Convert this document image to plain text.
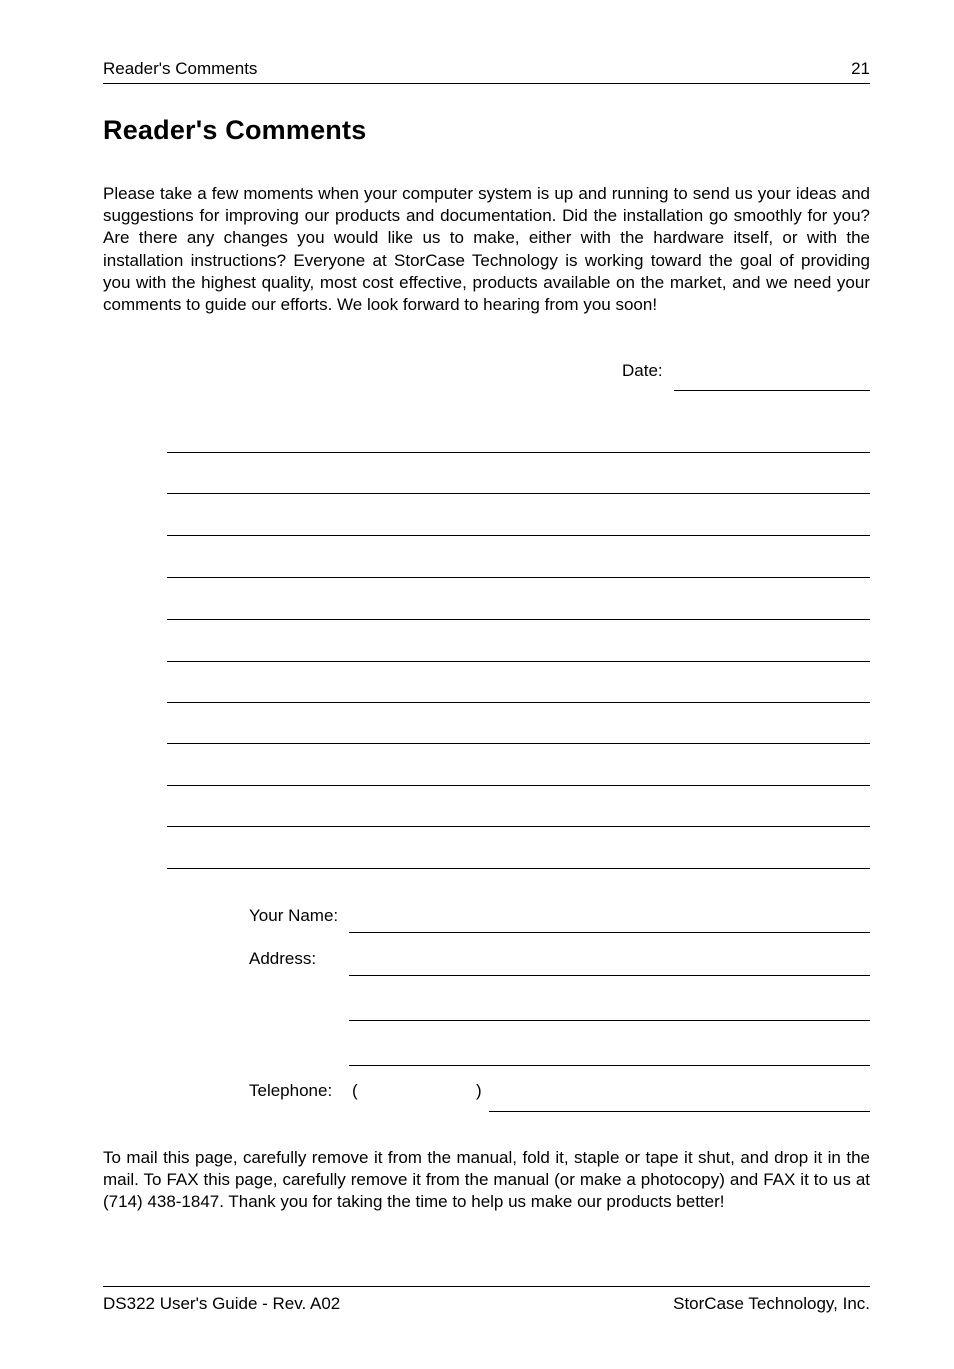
Reader's Comments	21
Reader's Comments

Please take a few moments when your computer system is up and running to send us your ideas and suggestions for improving our products and documentation. Did the installation go smoothly for you? Are there any changes you would like us to make, either with the hardware itself, or with the installation instructions? Everyone at StorCase Technology is working toward the goal of providing you with the highest quality, most cost effective, products available on the market, and we need your comments to guide our efforts. We look forward to hearing from you soon!

Date:
Your Name:
Address:
Telephone: (	)

To mail this page, carefully remove it from the manual, fold it, staple or tape it shut, and drop it in the mail. To FAX this page, carefully remove it from the manual (or make a photocopy) and FAX it to us at (714) 438-1847. Thank you for taking the time to help us make our products better!

DS322 User's Guide - Rev. A02	StorCase Technology, Inc.
